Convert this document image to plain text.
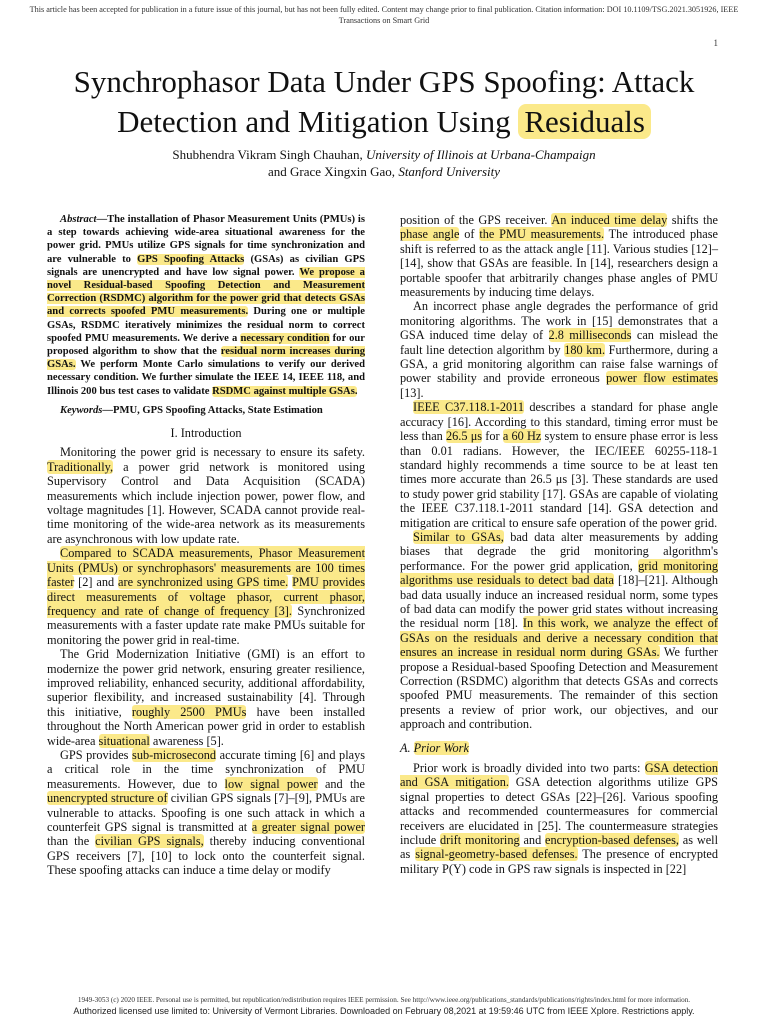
This article has been accepted for publication in a future issue of this journal, but has not been fully edited. Content may change prior to final publication. Citation information: DOI 10.1109/TSG.2021.3051926, IEEE
Transactions on Smart Grid
1
Synchrophasor Data Under GPS Spoofing: Attack
Detection and Mitigation Using Residuals
Shubhendra Vikram Singh Chauhan, University of Illinois at Urbana-Champaign
and Grace Xingxin Gao, Stanford University

Abstract—The installation of Phasor Measurement Units (PMUs) is a step towards achieving wide-area situational awareness for the power grid. PMUs utilize GPS signals for time synchronization and are vulnerable to GPS Spoofing Attacks (GSAs) as civilian GPS signals are unencrypted and have low signal power. We propose a novel Residual-based Spoofing Detection and Measurement Correction (RSDMC) algorithm for the power grid that detects GSAs and corrects spoofed PMU measurements. During one or multiple GSAs, RSDMC iteratively minimizes the residual norm to correct spoofed PMU measurements. We derive a necessary condition for our proposed algorithm to show that the residual norm increases during GSAs. We perform Monte Carlo simulations to verify our derived necessary condition. We further simulate the IEEE 14, IEEE 118, and Illinois 200 bus test cases to validate RSDMC against multiple GSAs.

Keywords—PMU, GPS Spoofing Attacks, State Estimation

I. Introduction

Monitoring the power grid is necessary to ensure its safety. Traditionally, a power grid network is monitored using Supervisory Control and Data Acquisition (SCADA) measurements which include injection power, power flow, and voltage magnitudes [1]. However, SCADA cannot provide real-time monitoring of the wide-area network as its measurements are asynchronous with low update rate.

Compared to SCADA measurements, Phasor Measurement Units (PMUs) or synchrophasors' measurements are 100 times faster [2] and are synchronized using GPS time. PMU provides direct measurements of voltage phasor, current phasor, frequency and rate of change of frequency [3]. Synchronized measurements with a faster update rate make PMUs suitable for monitoring the power grid in real-time.

The Grid Modernization Initiative (GMI) is an effort to modernize the power grid network, ensuring greater resilience, improved reliability, enhanced security, additional affordability, superior flexibility, and increased sustainability [4]. Through this initiative, roughly 2500 PMUs have been installed throughout the North American power grid in order to establish wide-area situational awareness [5].

GPS provides sub-microsecond accurate timing [6] and plays a critical role in the time synchronization of PMU measurements. However, due to low signal power and the unencrypted structure of civilian GPS signals [7]–[9], PMUs are vulnerable to attacks. Spoofing is one such attack in which a counterfeit GPS signal is transmitted at a greater signal power than the civilian GPS signals, thereby inducing conventional GPS receivers [7], [10] to lock onto the counterfeit signal. These spoofing attacks can induce a time delay or modify

position of the GPS receiver. An induced time delay shifts the phase angle of the PMU measurements. The introduced phase shift is referred to as the attack angle [11]. Various studies [12]–[14], show that GSAs are feasible. In [14], researchers design a portable spoofer that arbitrarily changes phase angles of PMU measurements by inducing time delays.

An incorrect phase angle degrades the performance of grid monitoring algorithms. The work in [15] demonstrates that a GSA induced time delay of 2.8 milliseconds can mislead the fault line detection algorithm by 180 km. Furthermore, during a GSA, a grid monitoring algorithm can raise false warnings of power stability and provide erroneous power flow estimates [13].

IEEE C37.118.1-2011 describes a standard for phase angle accuracy [16]. According to this standard, timing error must be less than 26.5 μs for a 60 Hz system to ensure phase error is less than 0.01 radians. However, the IEC/IEEE 60255-118-1 standard highly recommends a time source to be at least ten times more accurate than 26.5 μs [3]. These standards are used to study power grid stability [17]. GSAs are capable of violating the IEEE C37.118.1-2011 standard [14]. GSA detection and mitigation are critical to ensure safe operation of the power grid.

Similar to GSAs, bad data alter measurements by adding biases that degrade the grid monitoring algorithm's performance. For the power grid application, grid monitoring algorithms use residuals to detect bad data [18]–[21]. Although bad data usually induce an increased residual norm, some types of bad data can modify the power grid states without increasing the residual norm [18]. In this work, we analyze the effect of GSAs on the residuals and derive a necessary condition that ensures an increase in residual norm during GSAs. We further propose a Residual-based Spoofing Detection and Measurement Correction (RSDMC) algorithm that detects GSAs and corrects spoofed PMU measurements. The remainder of this section presents a review of prior work, our objectives, and our approach and contribution.

A. Prior Work

Prior work is broadly divided into two parts: GSA detection and GSA mitigation. GSA detection algorithms utilize GPS signal properties to detect GSAs [22]–[26]. Various spoofing attacks and recommended countermeasures for commercial receivers are elucidated in [25]. The countermeasure strategies include drift monitoring and encryption-based defenses, as well as signal-geometry-based defenses. The presence of encrypted military P(Y) code in GPS raw signals is inspected in [22]

1949-3053 (c) 2020 IEEE. Personal use is permitted, but republication/redistribution requires IEEE permission. See http://www.ieee.org/publications_standards/publications/rights/index.html for more information.
Authorized licensed use limited to: University of Vermont Libraries. Downloaded on February 08,2021 at 19:59:46 UTC from IEEE Xplore. Restrictions apply.
